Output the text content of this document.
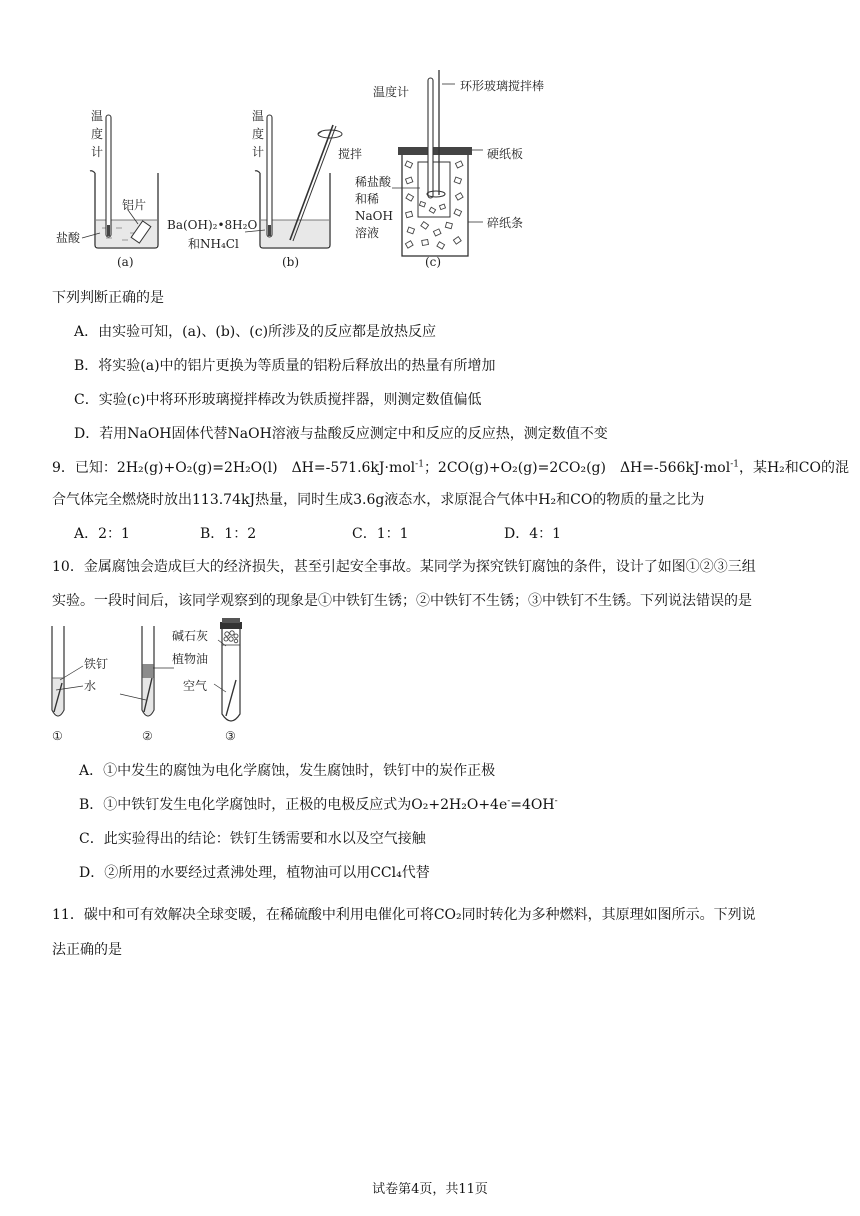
温
度
计
铝片
盐酸
(a)
温
度
计	搅拌
Ba(OH)₂•8H₂O
和NH₄Cl
(b)
温度计	环形玻璃搅拌棒
硬纸板
稀盐酸
和稀
NaOH
溶液
碎纸条
(c)
下列判断正确的是
A．由实验可知，(a)、(b)、(c)所涉及的反应都是放热反应
B．将实验(a)中的铝片更换为等质量的铝粉后释放出的热量有所增加
C．实验(c)中将环形玻璃搅拌棒改为铁质搅拌器，则测定数值偏低
D．若用NaOH固体代替NaOH溶液与盐酸反应测定中和反应的反应热，测定数值不变
9．已知：2H₂(g)+O₂(g)=2H₂O(l)　ΔH=-571.6kJ·mol$^{-1}$；2CO(g)+O₂(g)=2CO₂(g)　ΔH=-566kJ·mol$^{-1}$，某H₂和CO的混
合气体完全燃烧时放出113.74kJ热量，同时生成3.6g液态水，求原混合气体中H₂和CO的物质的量之比为
A．2：1	B．1：2	C．1：1	D．4：1
10．金属腐蚀会造成巨大的经济损失，甚至引起安全事故。某同学为探究铁钉腐蚀的条件，设计了如图①②③三组
实验。一段时间后，该同学观察到的现象是①中铁钉生锈；②中铁钉不生锈；③中铁钉不生锈。下列说法错误的是
铁钉
水
碱石灰
植物油
空气
①	②	③
A．①中发生的腐蚀为电化学腐蚀，发生腐蚀时，铁钉中的炭作正极
B．①中铁钉发生电化学腐蚀时，正极的电极反应式为O₂+2H₂O+4e-=4OH-
C．此实验得出的结论：铁钉生锈需要和水以及空气接触
D．②所用的水要经过煮沸处理，植物油可以用CCl₄代替
11．碳中和可有效解决全球变暖，在稀硫酸中利用电催化可将CO₂同时转化为多种燃料，其原理如图所示。下列说
法正确的是
试卷第4页，共11页
